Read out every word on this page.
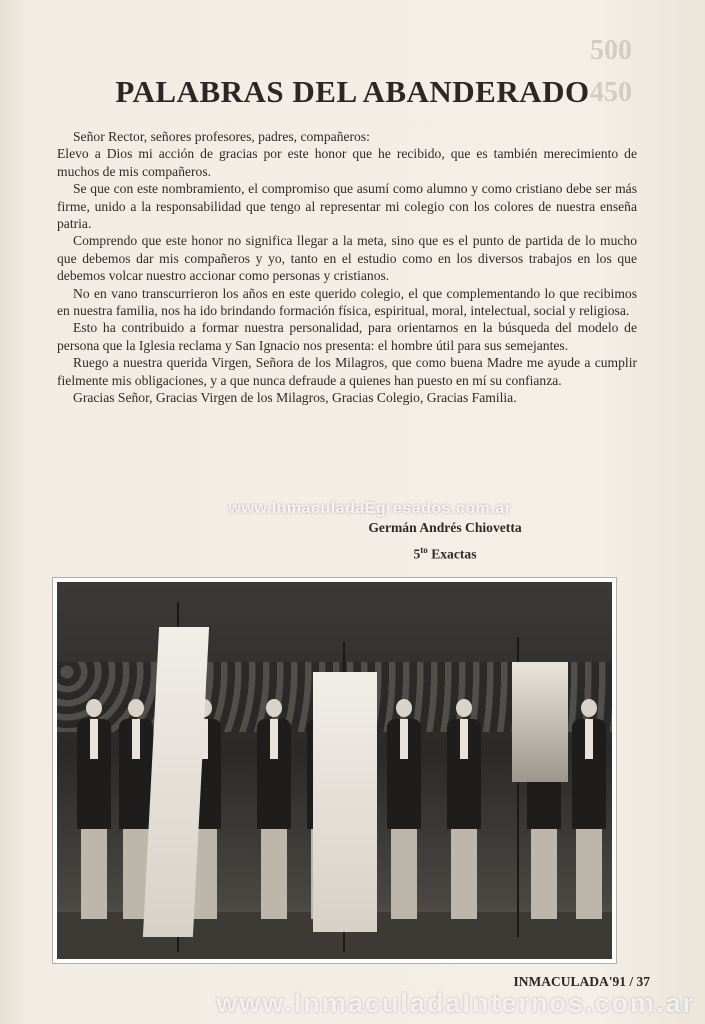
500
450
PALABRAS DEL ABANDERADO

Señor Rector, señores profesores, padres, compañeros:

Elevo a Dios mi acción de gracias por este honor que he recibido, que es también merecimiento de muchos de mis compañeros.

Se que con este nombramiento, el compromiso que asumí como alumno y como cristiano debe ser más firme, unido a la responsabilidad que tengo al representar mi colegio con los colores de nuestra enseña patria.

Comprendo que este honor no significa llegar a la meta, sino que es el punto de partida de lo mucho que debemos dar mis compañeros y yo, tanto en el estudio como en los diversos trabajos en los que debemos volcar nuestro accionar como personas y cristianos.

No en vano transcurrieron los años en este querido colegio, el que complementando lo que recibimos en nuestra familia, nos ha ido brindando formación física, espiritual, moral, intelectual, social y religiosa.

Esto ha contribuido a formar nuestra personalidad, para orientarnos en la búsqueda del modelo de persona que la Iglesia reclama y San Ignacio nos presenta: el hombre útil para sus semejantes.

Ruego a nuestra querida Virgen, Señora de los Milagros, que como buena Madre me ayude a cumplir fielmente mis obligaciones, y a que nunca defraude a quienes han puesto en mí su confianza.

Gracias Señor, Gracias Virgen de los Milagros, Gracias Colegio, Gracias Familia.

www.InmaculadaEgresados.com.ar
Germán Andrés Chiovetta
$5^{to}$ Exactas
INMACULADA'91 / 37
www.InmaculadaInternos.com.ar
